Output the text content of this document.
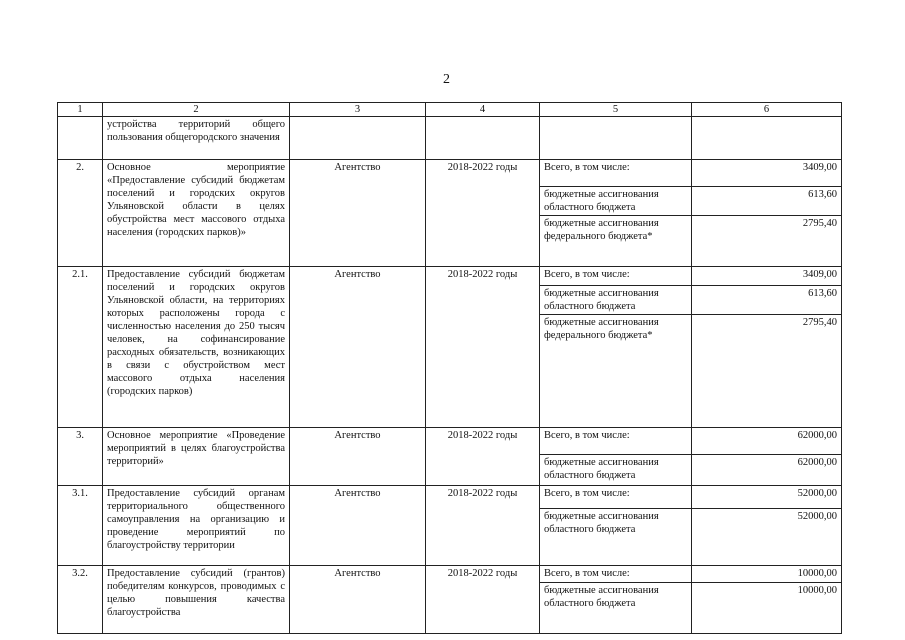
2
1	2	3	4	5	6
	устройства территорий общего пользования общегородского значения				
2.	Основное мероприятие «Предоставление субсидий бюджетам поселений и городских округов Ульяновской области в целях обустройства мест массового отдыха населения (городских парков)»	Агентство	2018-2022 годы	Всего, в том числе:	3409,00
				бюджетные ассигнования областного бюджета	613,60
				бюджетные ассигнования федерального бюджета*	2795,40
2.1.	Предоставление субсидий бюджетам поселений и городских округов Ульяновской области, на территориях которых расположены города с численностью населения до 250 тысяч человек, на софинансирование расходных обязательств, возникающих в связи с обустройством мест массового отдыха населения (городских парков)	Агентство	2018-2022 годы	Всего, в том числе:	3409,00
				бюджетные ассигнования областного бюджета	613,60
				бюджетные ассигнования федерального бюджета*	2795,40
3.	Основное мероприятие «Проведение мероприятий в целях благоустройства территорий»	Агентство	2018-2022 годы	Всего, в том числе:	62000,00
				бюджетные ассигнования областного бюджета	62000,00
3.1.	Предоставление субсидий органам территориального общественного самоуправления на организацию и проведение мероприятий по благоустройству территории	Агентство	2018-2022 годы	Всего, в том числе:	52000,00
				бюджетные ассигнования областного бюджета	52000,00
3.2.	Предоставление субсидий (грантов) победителям конкурсов, проводимых с целью повышения качества благоустройства	Агентство	2018-2022 годы	Всего, в том числе:	10000,00
				бюджетные ассигнования областного бюджета	10000,00
